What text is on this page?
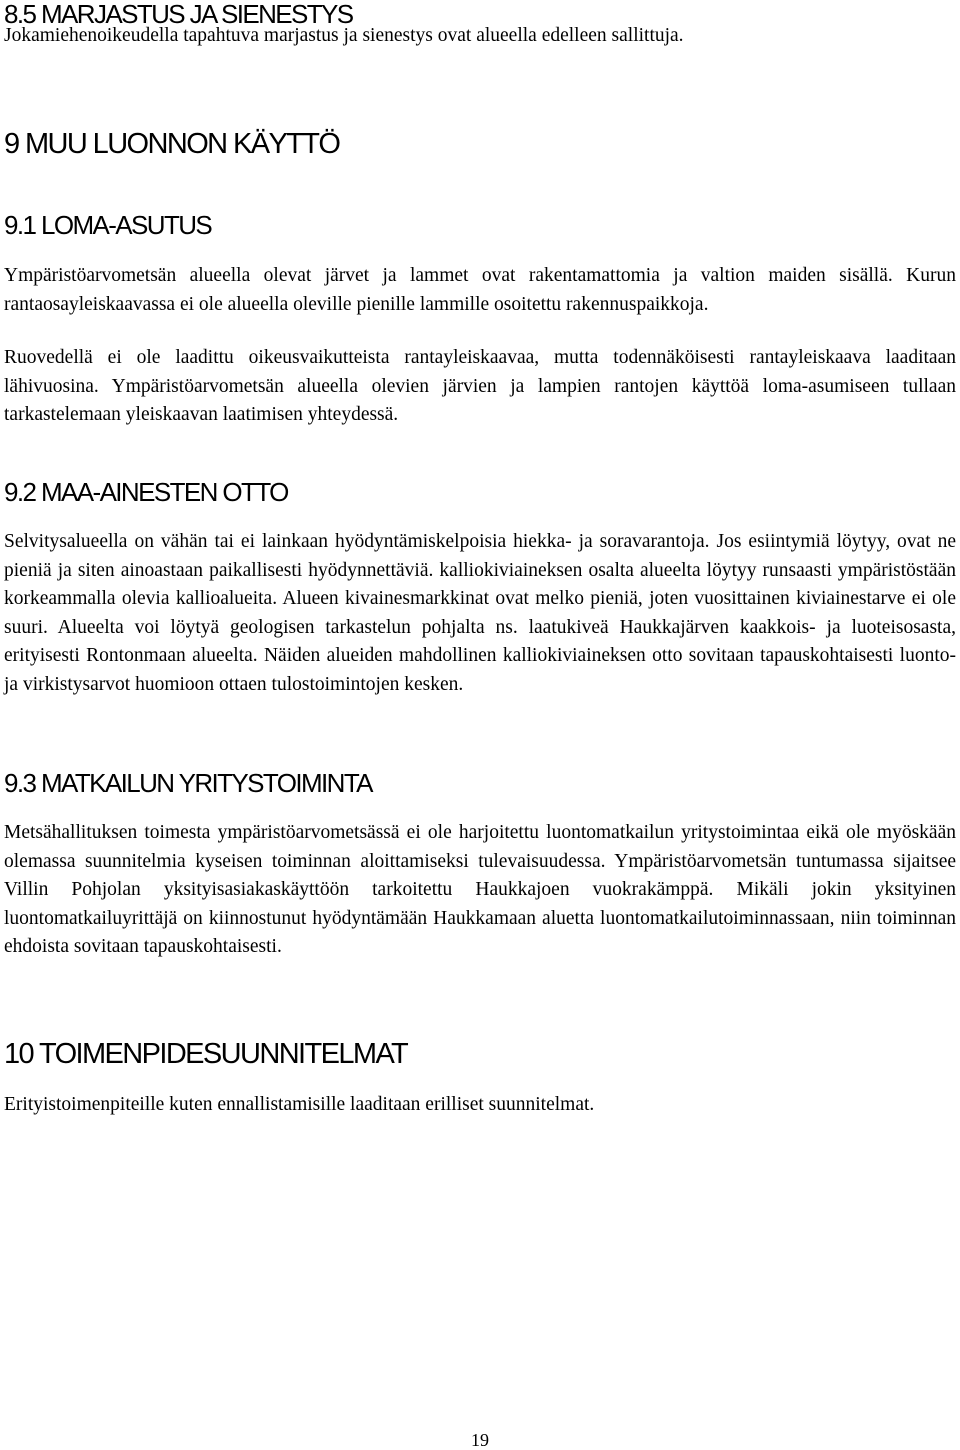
8.5 MARJASTUS JA SIENESTYS

Jokamiehenoikeudella tapahtuva marjastus ja sienestys ovat alueella edelleen sallittuja.

9 MUU LUONNON KÄYTTÖ
9.1 LOMA-ASUTUS

Ympäristöarvometsän alueella olevat järvet ja lammet ovat rakentamattomia ja valtion maiden sisällä. Kurun rantaosayleiskaavassa ei ole alueella oleville pienille lammille osoitettu rakennuspaikkoja.

Ruovedellä ei ole laadittu oikeusvaikutteista rantayleiskaavaa, mutta todennäköisesti rantayleiskaava laaditaan lähivuosina. Ympäristöarvometsän alueella olevien järvien ja lampien rantojen käyttöä loma-asumiseen tullaan tarkastelemaan yleiskaavan laatimisen yhteydessä.

9.2 MAA-AINESTEN OTTO

Selvitysalueella on vähän tai ei lainkaan hyödyntämiskelpoisia hiekka- ja soravarantoja. Jos esiintymiä löytyy, ovat ne pieniä ja siten ainoastaan paikallisesti hyödynnettäviä. kalliokiviaineksen osalta alueelta löytyy runsaasti ympäristöstään korkeammalla olevia kallioalueita. Alueen kivainesmarkkinat ovat melko pieniä, joten vuosittainen kiviainestarve ei ole suuri. Alueelta voi löytyä geologisen tarkastelun pohjalta ns. laatukiveä Haukkajärven kaakkois- ja luoteisosasta, erityisesti Rontonmaan alueelta. Näiden alueiden mahdollinen kalliokiviaineksen otto sovitaan tapauskohtaisesti luonto- ja virkistysarvot huomioon ottaen tulostoimintojen kesken.

9.3 MATKAILUN YRITYSTOIMINTA

Metsähallituksen toimesta ympäristöarvometsässä ei ole harjoitettu luontomatkailun yritystoimintaa eikä ole myöskään olemassa suunnitelmia kyseisen toiminnan aloittamiseksi tulevaisuudessa. Ympäristöarvometsän tuntumassa sijaitsee Villin Pohjolan yksityisasiakaskäyttöön tarkoitettu Haukkajoen vuokrakämppä. Mikäli jokin yksityinen luontomatkailuyrittäjä on kiinnostunut hyödyntämään Haukkamaan aluetta luontomatkailutoiminnassaan, niin toiminnan ehdoista sovitaan tapauskohtaisesti.

10 TOIMENPIDESUUNNITELMAT

Erityistoimenpiteille kuten ennallistamisille laaditaan erilliset suunnitelmat.

19
